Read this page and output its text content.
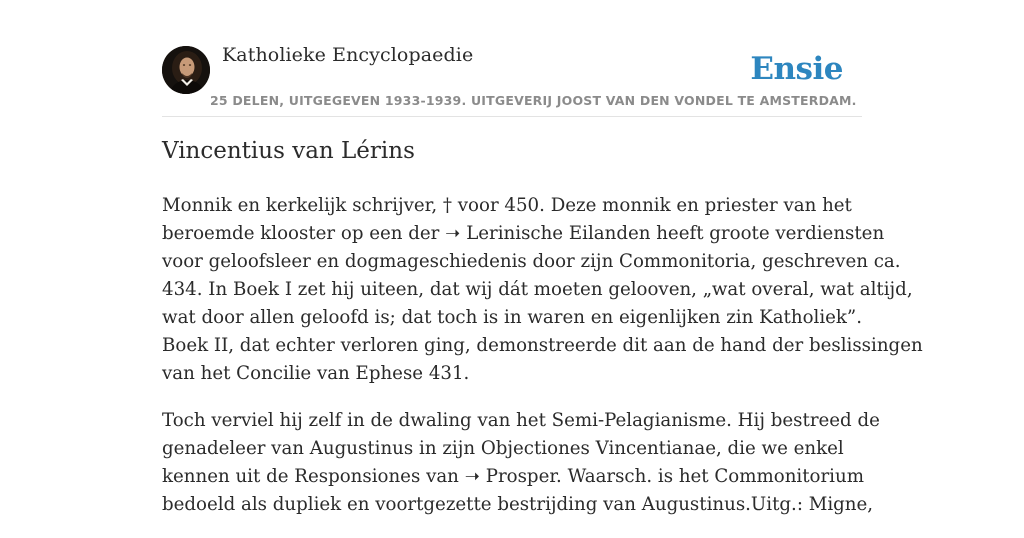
Katholieke Encyclopaedie	Ensie
25 DELEN, UITGEGEVEN 1933-1939. UITGEVERIJ JOOST VAN DEN VONDEL TE AMSTERDAM.
Vincentius van Lérins

Monnik en kerkelijk schrijver, † voor 450. Deze monnik en priester van het
beroemde klooster op een der ➝ Lerinische Eilanden heeft groote verdiensten
voor geloofsleer en dogmageschiedenis door zijn Commonitoria, geschreven ca.
434. In Boek I zet hij uiteen, dat wij dát moeten gelooven, „wat overal, wat altijd,
wat door allen geloofd is; dat toch is in waren en eigenlijken zin Katholiek”.
Boek II, dat echter verloren ging, demonstreerde dit aan de hand der beslissingen
van het Concilie van Ephese 431.

Toch verviel hij zelf in de dwaling van het Semi-Pelagianisme. Hij bestreed de
genadeleer van Augustinus in zijn Objectiones Vincentianae, die we enkel
kennen uit de Responsiones van ➝ Prosper. Waarsch. is het Commonitorium
bedoeld als dupliek en voortgezette bestrijding van Augustinus.Uitg.: Migne,
